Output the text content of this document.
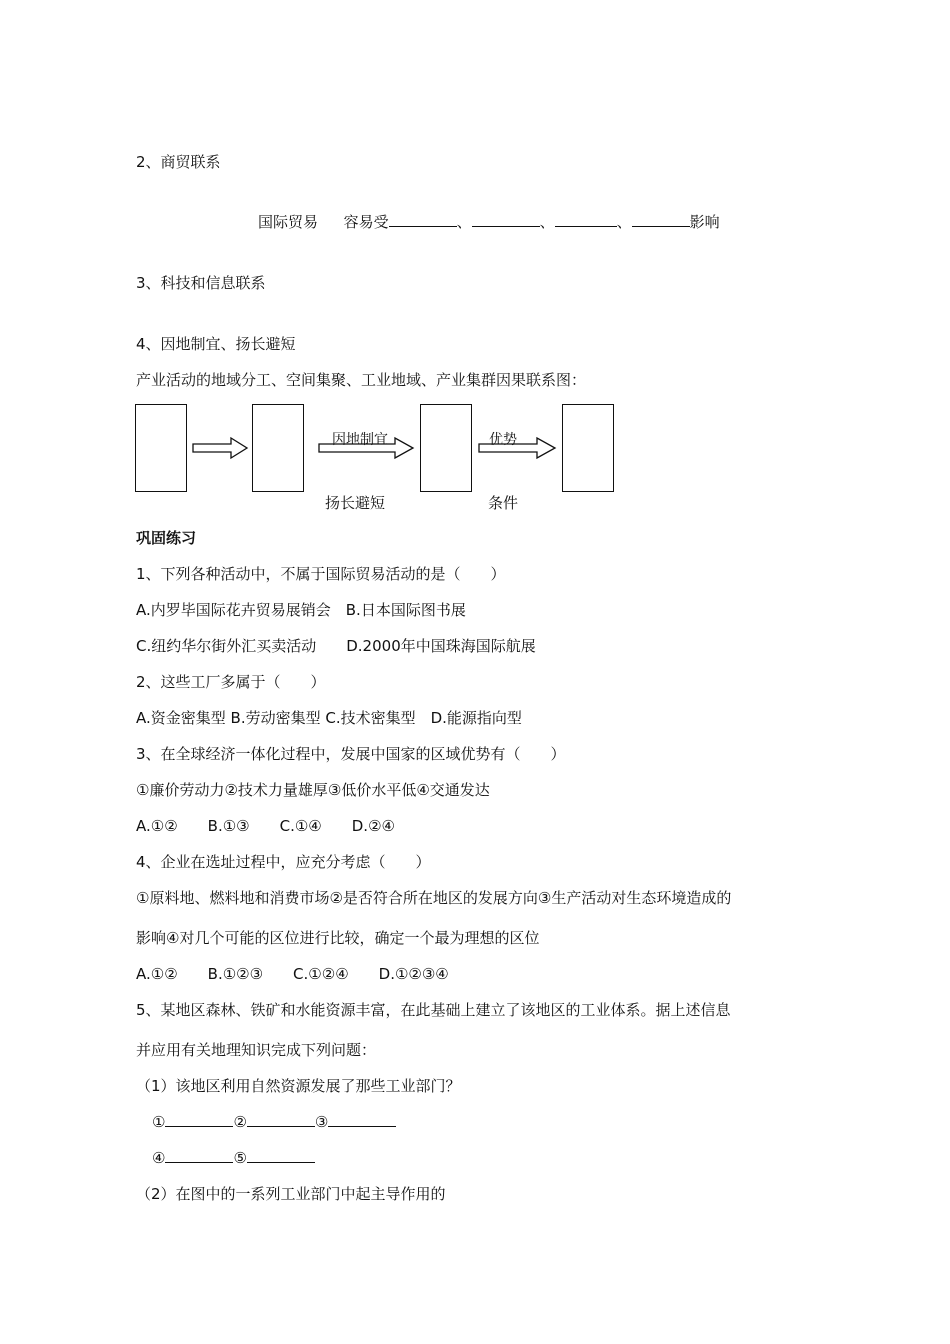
2、商贸联系
国际贸易 容易受	、	、	、	影响
3、科技和信息联系
4、因地制宜、扬长避短
产业活动的地域分工、空间集聚、工业地域、产业集群因果联系图：
因地制宜	优势
扬长避短	条件
巩固练习
1、下列各种活动中，不属于国际贸易活动的是（　　）
A.内罗毕国际花卉贸易展销会　B.日本国际图书展
C.纽约华尔街外汇买卖活动　　D.2000年中国珠海国际航展
2、这些工厂多属于（　　）
A.资金密集型 B.劳动密集型 C.技术密集型　D.能源指向型
3、在全球经济一体化过程中，发展中国家的区域优势有（　　）
①廉价劳动力②技术力量雄厚③低价水平低④交通发达
A.①②　　B.①③　　C.①④　　D.②④
4、企业在选址过程中，应充分考虑（　　）
①原料地、燃料地和消费市场②是否符合所在地区的发展方向③生产活动对生态环境造成的
影响④对几个可能的区位进行比较，确定一个最为理想的区位
A.①②　　B.①②③　　C.①②④　　D.①②③④
5、某地区森林、铁矿和水能资源丰富，在此基础上建立了该地区的工业体系。据上述信息
并应用有关地理知识完成下列问题：
（1）该地区利用自然资源发展了那些工业部门？
①	②	③
④	⑤
（2）在图中的一系列工业部门中起主导作用的
